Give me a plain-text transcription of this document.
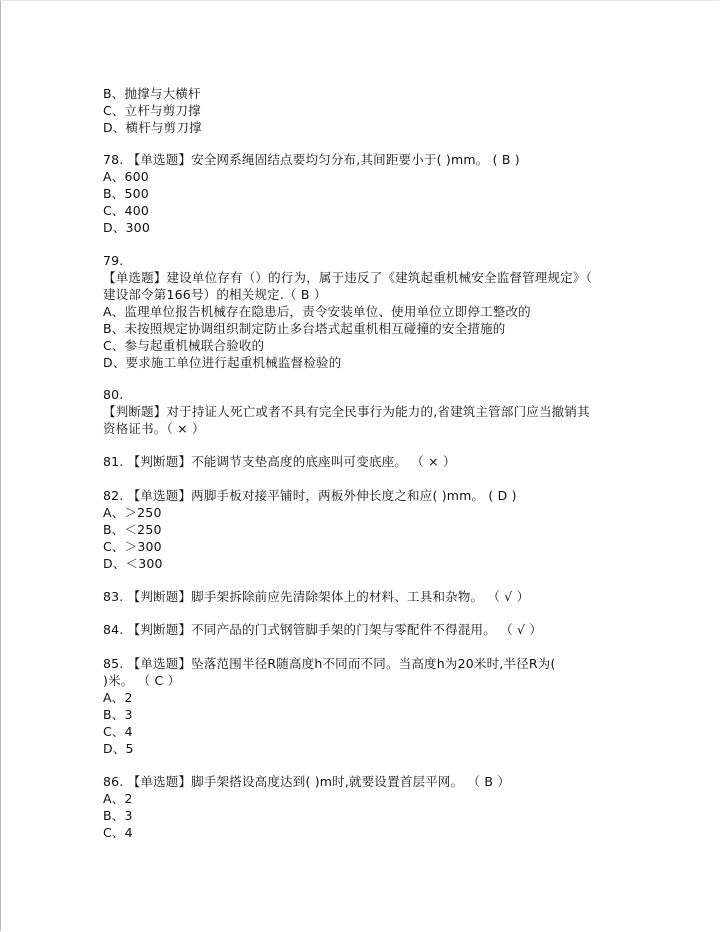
B、抛撑与大横杆
C、立杆与剪刀撑
D、横杆与剪刀撑
78. 【单选题】安全网系绳固结点要均匀分布,其间距要小于( )mm。 ( B )
A、600
B、500
C、400
D、300
79.
【单选题】建设单位存有（）的行为，属于违反了《建筑起重机械安全监督管理规定》（
建设部令第166号）的相关规定.（ B ）
A、监理单位报告机械存在隐患后，责令安装单位、使用单位立即停工整改的
B、未按照规定协调组织制定防止多台塔式起重机相互碰撞的安全措施的
C、参与起重机械联合验收的
D、要求施工单位进行起重机械监督检验的
80.
【判断题】对于持证人死亡或者不具有完全民事行为能力的,省建筑主管部门应当撤销其
资格证书。（ × ）
81. 【判断题】不能调节支垫高度的底座叫可变底座。 （ × ）
82. 【单选题】两脚手板对接平铺时，两板外伸长度之和应( )mm。 ( D )
A、＞250
B、＜250
C、＞300
D、＜300
83. 【判断题】脚手架拆除前应先清除架体上的材料、工具和杂物。 （ √ ）
84. 【判断题】不同产品的门式钢管脚手架的门架与零配件不得混用。 （ √ ）
85. 【单选题】坠落范围半径R随高度h不同而不同。当高度h为20米时,半径R为(
)米。 （ C ）
A、2
B、3
C、4
D、5
86. 【单选题】脚手架搭设高度达到( )m时,就要设置首层平网。 （ B ）
A、2
B、3
C、4
